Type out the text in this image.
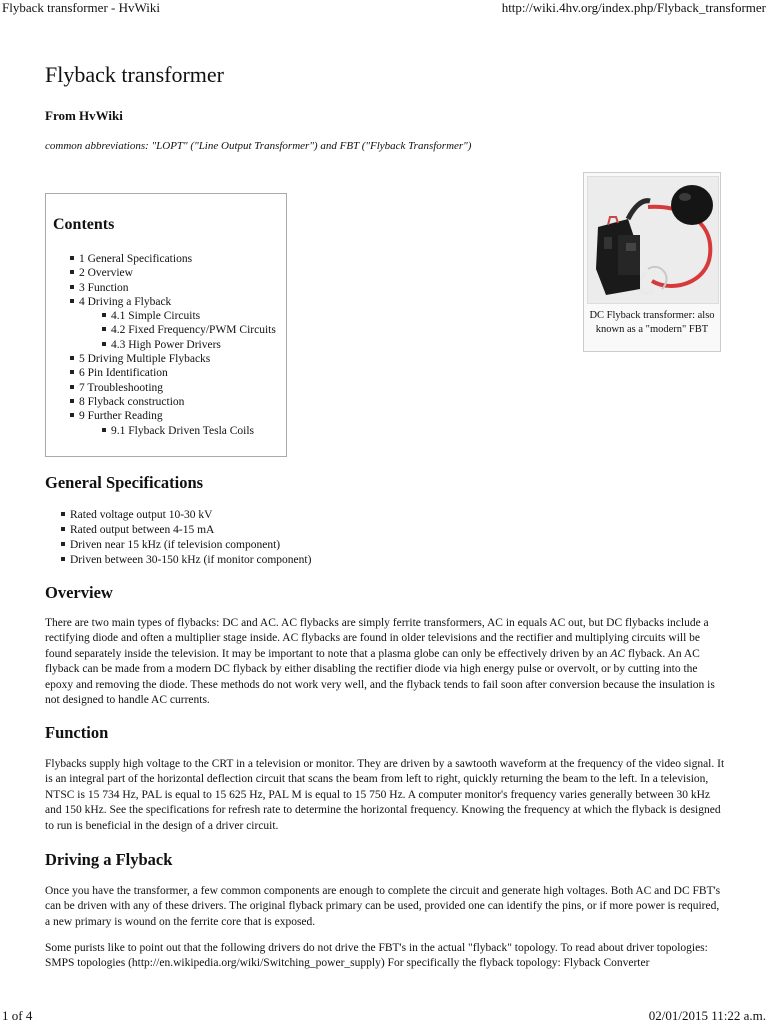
Flyback transformer - HvWiki	http://wiki.4hv.org/index.php/Flyback_transformer
Flyback transformer
From HvWiki
common abbreviations: "LOPT" ("Line Output Transformer") and FBT ("Flyback Transformer")
Contents
1 General Specifications
2 Overview
3 Function
4 Driving a Flyback
4.1 Simple Circuits
4.2 Fixed Frequency/PWM Circuits
4.3 High Power Drivers
5 Driving Multiple Flybacks
6 Pin Identification
7 Troubleshooting
8 Flyback construction
9 Further Reading
9.1 Flyback Driven Tesla Coils
DC Flyback transformer: also known as a "modern" FBT
General Specifications
Rated voltage output 10-30 kV
Rated output between 4-15 mA
Driven near 15 kHz (if television component)
Driven between 30-150 kHz (if monitor component)
Overview

There are two main types of flybacks: DC and AC. AC flybacks are simply ferrite transformers, AC in equals AC out, but DC flybacks include a rectifying diode and often a multiplier stage inside. AC flybacks are found in older televisions and the rectifier and multiplying circuits will be found separately inside the television. It may be important to note that a plasma globe can only be effectively driven by an AC flyback. An AC flyback can be made from a modern DC flyback by either disabling the rectifier diode via high energy pulse or overvolt, or by cutting into the epoxy and removing the diode. These methods do not work very well, and the flyback tends to fail soon after conversion because the insulation is not designed to handle AC currents.

Function

Flybacks supply high voltage to the CRT in a television or monitor. They are driven by a sawtooth waveform at the frequency of the video signal. It is an integral part of the horizontal deflection circuit that scans the beam from left to right, quickly returning the beam to the left. In a television, NTSC is 15 734 Hz, PAL is equal to 15 625 Hz, PAL M is equal to 15 750 Hz. A computer monitor's frequency varies generally between 30 kHz and 150 kHz. See the specifications for refresh rate to determine the horizontal frequency. Knowing the frequency at which the flyback is designed to run is beneficial in the design of a driver circuit.

Driving a Flyback

Once you have the transformer, a few common components are enough to complete the circuit and generate high voltages. Both AC and DC FBT's can be driven with any of these drivers. The original flyback primary can be used, provided one can identify the pins, or if more power is required, a new primary is wound on the ferrite core that is exposed.

Some purists like to point out that the following drivers do not drive the FBT's in the actual "flyback" topology. To read about driver topologies: SMPS topologies (http://en.wikipedia.org/wiki/Switching_power_supply) For specifically the flyback topology: Flyback Converter

1 of 4	02/01/2015 11:22 a.m.
